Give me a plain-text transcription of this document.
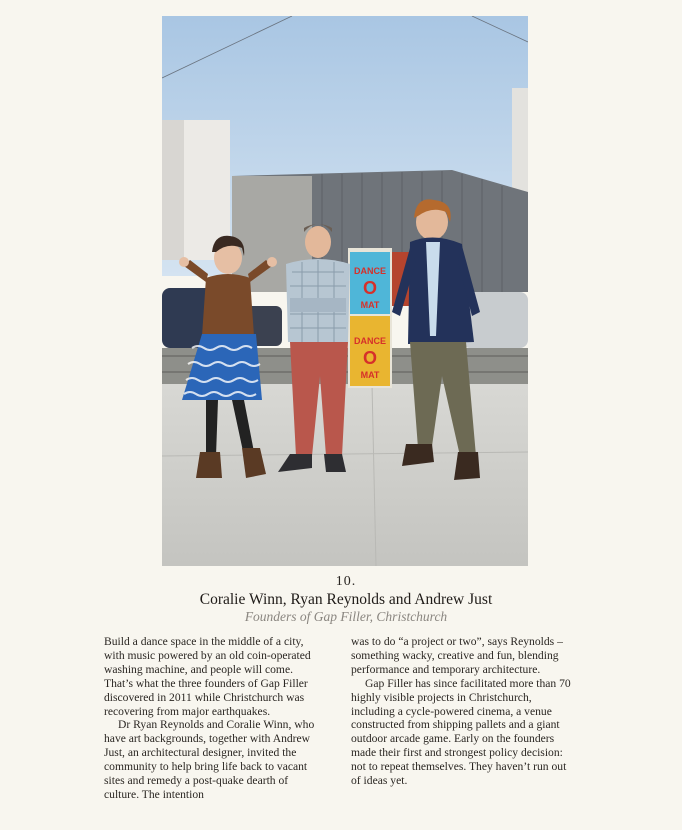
DANCE
O
MAT
DANCE
O
MAT
10.
Coralie Winn, Ryan Reynolds and Andrew Just
Founders of Gap Filler, Christchurch

Build a dance space in the middle of a city, with music powered by an old coin-operated washing machine, and people will come. That’s what the three founders of Gap Filler discovered in 2011 while Christchurch was recovering from major earthquakes.

Dr Ryan Reynolds and Coralie Winn, who have art backgrounds, together with Andrew Just, an architectural designer, invited the community to help bring life back to vacant sites and remedy a post-quake dearth of culture. The intention

was to do “a project or two”, says Reynolds – something wacky, creative and fun, blending performance and temporary architecture.

Gap Filler has since facilitated more than 70 highly visible projects in Christchurch, including a cycle-powered cinema, a venue constructed from shipping pallets and a giant outdoor arcade game. Early on the founders made their first and strongest policy decision: not to repeat themselves. They haven’t run out of ideas yet.
